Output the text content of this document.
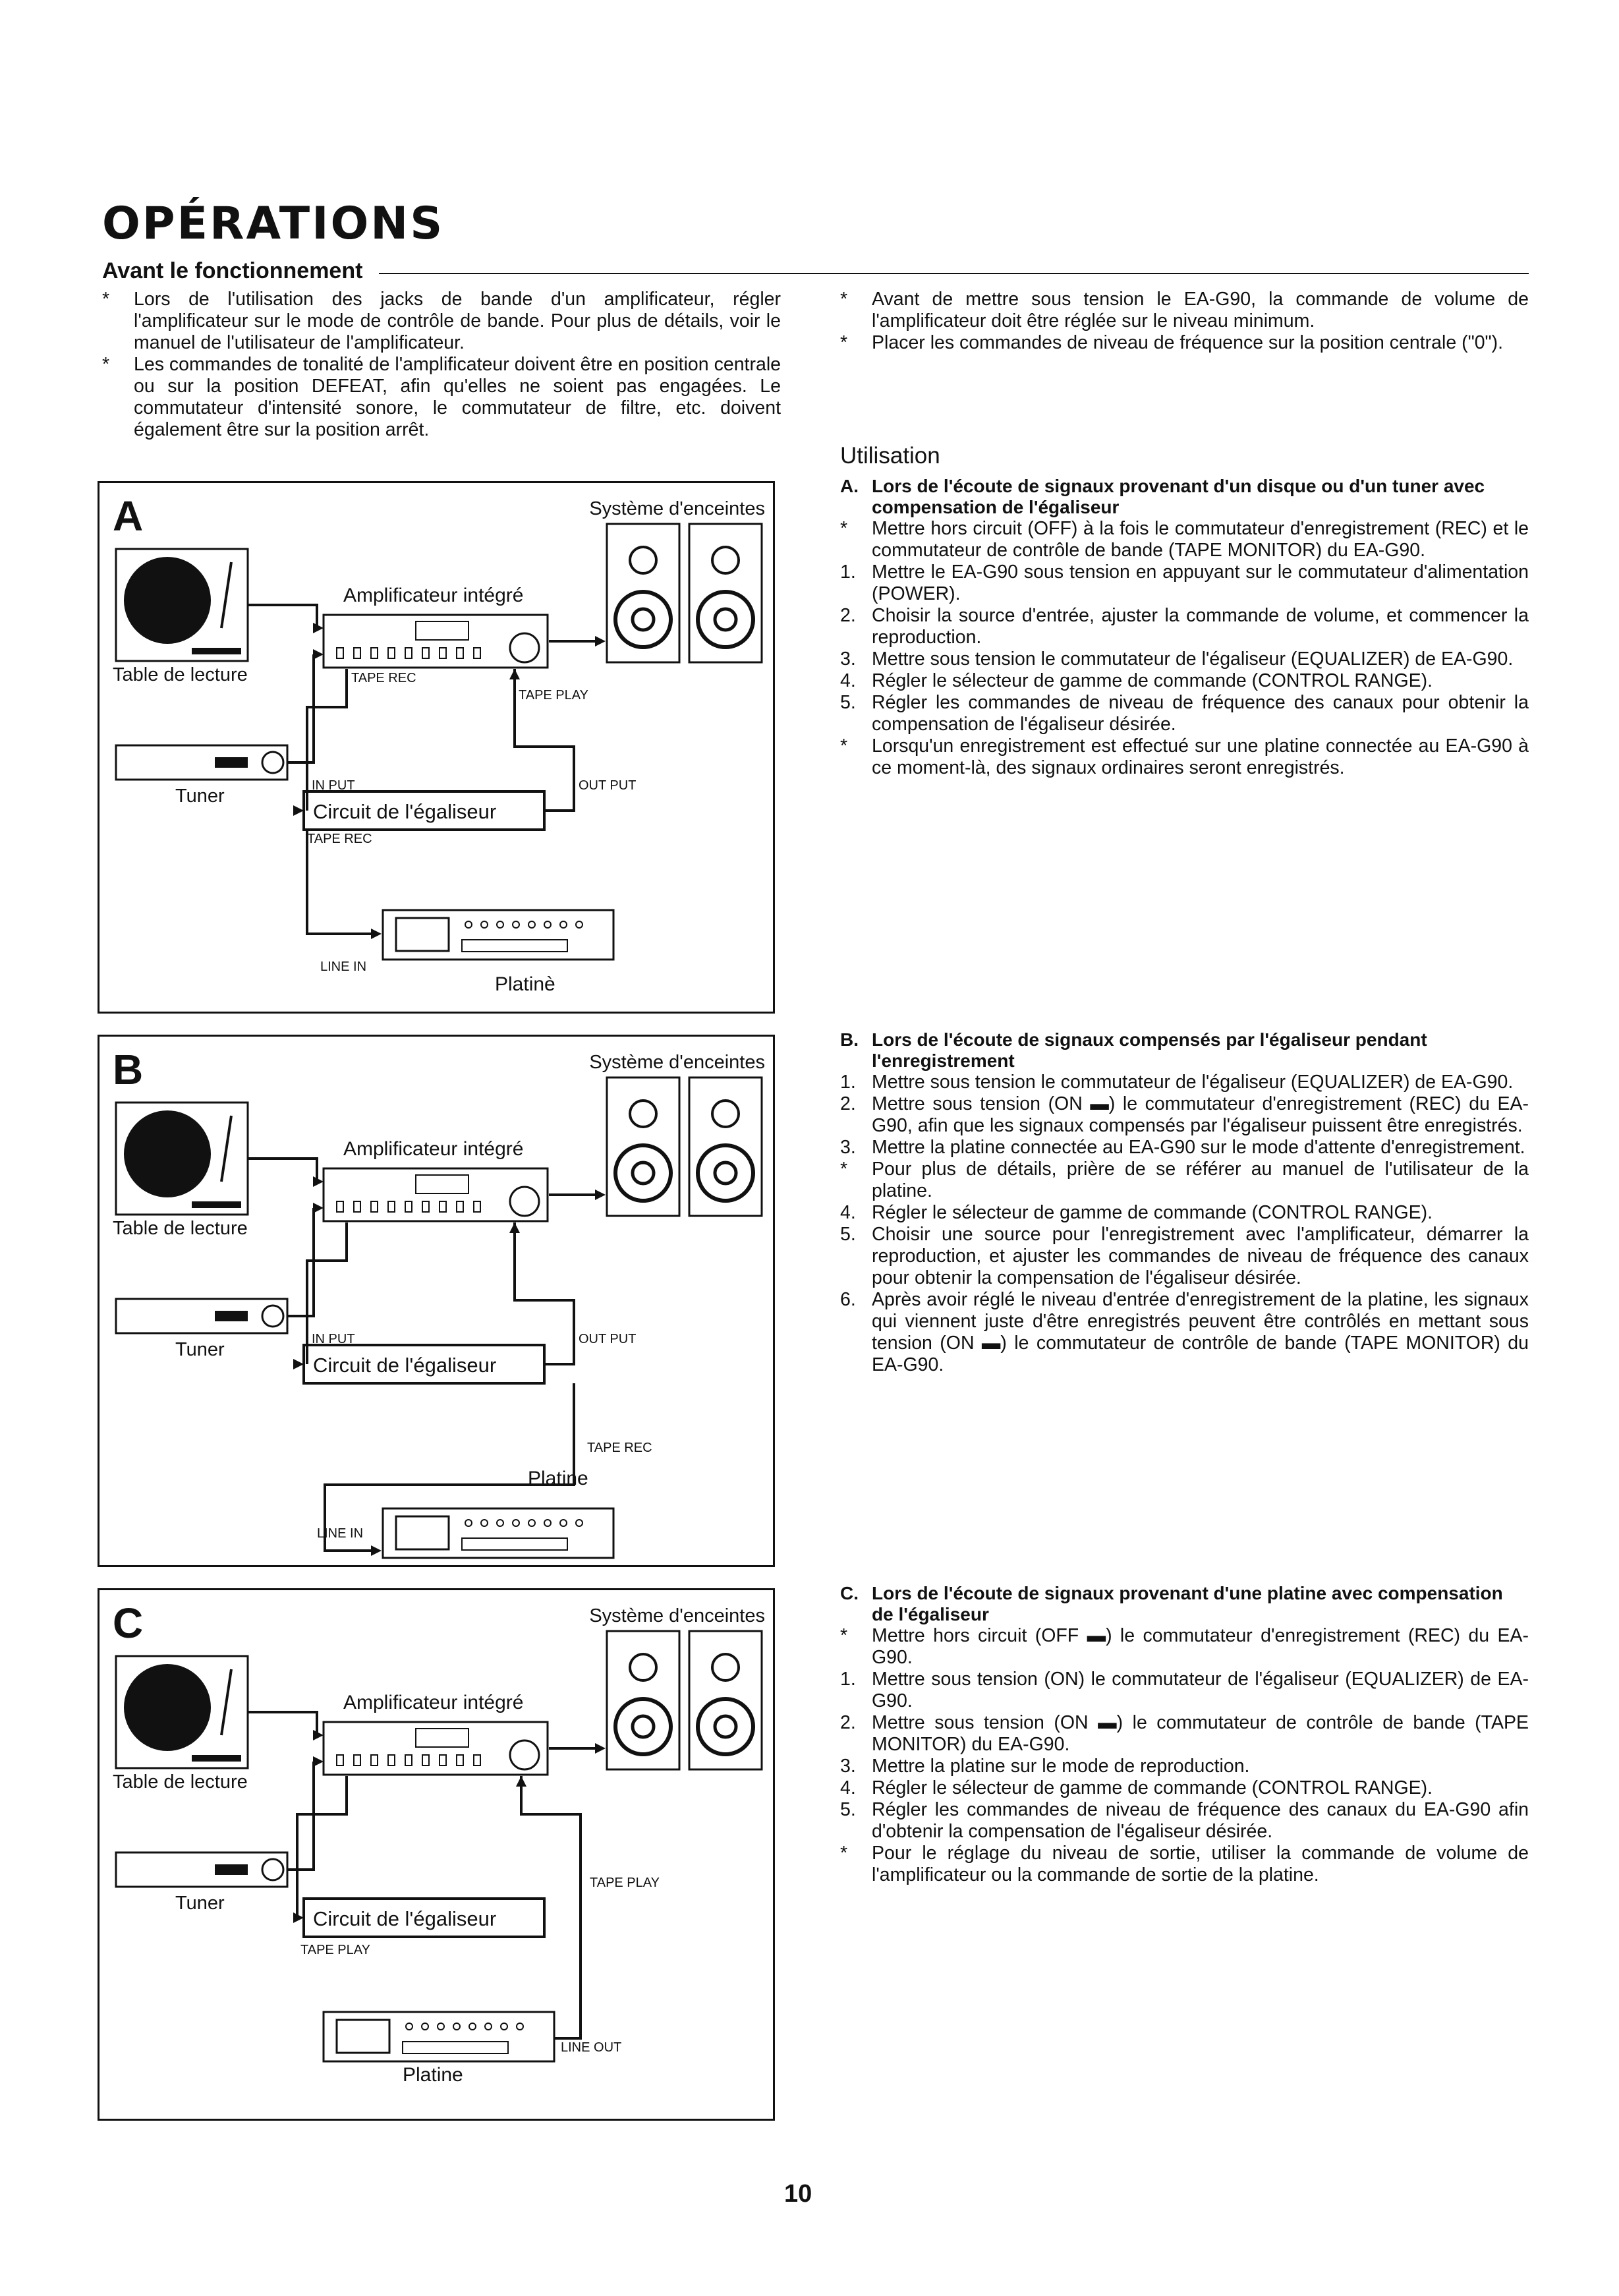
OPÉRATIONS
Avant le fonctionnement
*	Lors de l'utilisation des jacks de bande d'un amplificateur, régler l'amplificateur sur le mode de contrôle de bande. Pour plus de détails, voir le manuel de l'utilisateur de l'amplificateur.
*	Les commandes de tonalité de l'amplificateur doivent être en position centrale ou sur la position DEFEAT, afin qu'elles ne soient pas engagées. Le commutateur d'intensité sonore, le commutateur de filtre, etc. doivent également être sur la position arrêt.
*	Avant de mettre sous tension le EA-G90, la commande de volume de l'amplificateur doit être réglée sur le niveau minimum.
*	Placer les commandes de niveau de fréquence sur la position centrale ("0").
Utilisation
A. Lors de l'écoute de signaux provenant d'un disque ou d'un tuner avec compensation de l'égaliseur
*	Mettre hors circuit (OFF) à la fois le commutateur d'enregistrement (REC) et le commutateur de contrôle de bande (TAPE MONITOR) du EA-G90.
1. Mettre le EA-G90 sous tension en appuyant sur le commutateur d'alimentation (POWER).
2. Choisir la source d'entrée, ajuster la commande de volume, et commencer la reproduction.
3. Mettre sous tension le commutateur de l'égaliseur (EQUALIZER) de EA-G90.
4. Régler le sélecteur de gamme de commande (CONTROL RANGE).
5. Régler les commandes de niveau de fréquence des canaux pour obtenir la compensation de l'égaliseur désirée.
*	Lorsqu'un enregistrement est effectué sur une platine connectée au EA-G90 à ce moment-là, des signaux ordinaires seront enregistrés.
B. Lors de l'écoute de signaux compensés par l'égaliseur pendant l'enregistrement
1. Mettre sous tension le commutateur de l'égaliseur (EQUALIZER) de EA-G90.
2. Mettre sous tension (ON ▬) le commutateur d'enregistrement (REC) du EA-G90, afin que les signaux compensés par l'égaliseur puissent être enregistrés.
3. Mettre la platine connectée au EA-G90 sur le mode d'attente d'enregistrement.
*	Pour plus de détails, prière de se référer au manuel de l'utilisateur de la platine.
4. Régler le sélecteur de gamme de commande (CONTROL RANGE).
5. Choisir une source pour l'enregistrement avec l'amplificateur, démarrer la reproduction, et ajuster les commandes de niveau de fréquence des canaux pour obtenir la compensation de l'égaliseur désirée.
6. Après avoir réglé le niveau d'entrée d'enregistrement de la platine, les signaux qui viennent juste d'être enregistrés peuvent être contrôlés en mettant sous tension (ON ▬) le commutateur de contrôle de bande (TAPE MONITOR) du EA-G90.
C. Lors de l'écoute de signaux provenant d'une platine avec compensation de l'égaliseur
*	Mettre hors circuit (OFF ▬) le commutateur d'enregistrement (REC) du EA-G90.
1. Mettre sous tension (ON) le commutateur de l'égaliseur (EQUALIZER) de EA-G90.
2. Mettre sous tension (ON ▬) le commutateur de contrôle de bande (TAPE MONITOR) du EA-G90.
3. Mettre la platine sur le mode de reproduction.
4. Régler le sélecteur de gamme de commande (CONTROL RANGE).
5. Régler les commandes de niveau de fréquence des canaux du EA-G90 afin d'obtenir la compensation de l'égaliseur désirée.
*	Pour le réglage du niveau de sortie, utiliser la commande de volume de l'amplificateur ou la commande de sortie de la platine.
A	Système d'enceintes
Table de lecture
Tuner
Amplificateur intégré
Circuit de l'égaliseur
IN PUT	OUT PUT
TAPE REC
TAPE PLAY
TAPE REC
LINE IN
Platinè
B	Système d'enceintes
Table de lecture
Tuner
Amplificateur intégré
Circuit de l'égaliseur
IN PUT	OUT PUT
TAPE REC
LINE IN
Platine
C	Système d'enceintes
Table de lecture
Tuner
Amplificateur intégré
Circuit de l'égaliseur
Platine
LINE OUT
TAPE PLAY
TAPE PLAY
10
